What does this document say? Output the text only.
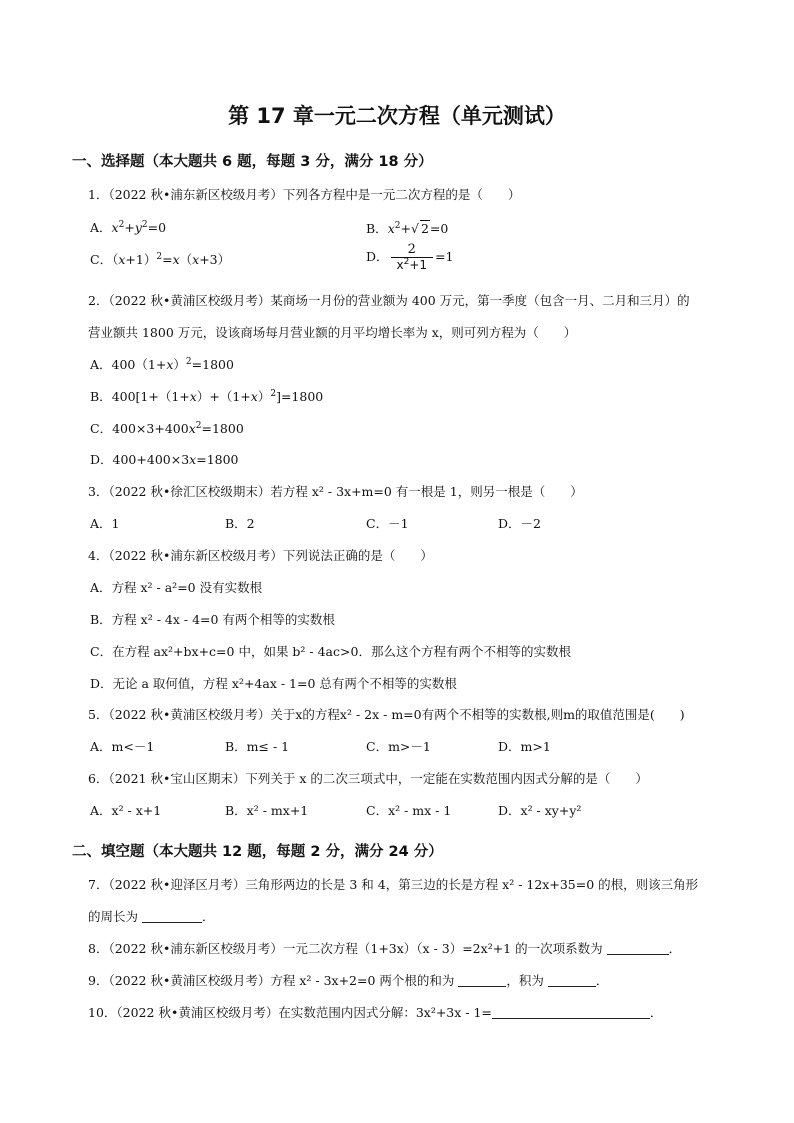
第 17 章一元二次方程（单元测试）
一、选择题（本大题共 6 题，每题 3 分，满分 18 分）
1．（2022 秋•浦东新区校级月考）下列各方程中是一元二次方程的是（　　）
A．$x^2+y^2=0$	B．$x^2+√$ 2=0
C．$(x+1)^2=x(x+3)$	D． $\frac{2}{x^2+1} =1$
2．（2022 秋•黄浦区校级月考）某商场一月份的营业额为 400 万元，第一季度（包含一月、二月和三月）的
营业额共 1800 万元，设该商场每月营业额的月平均增长率为 x，则可列方程为（　　）
A．$400(1+x)^2=1800$
B．$400[1+(1+x)+(1+x)^2]=1800$
C．$400\times 3+400x^2=1800$
D．400+400×3x=1800
3．（2022 秋•徐汇区校级期末）若方程 x² - 3x+m=0 有一根是 1，则另一根是（　　）
A．1	B．2	C．－1	D．－2
4．（2022 秋•浦东新区校级月考）下列说法正确的是（　　）
A．方程 x² - a²=0 没有实数根
B．方程 x² - 4x - 4=0 有两个相等的实数根
C．在方程 ax²+bx+c=0 中，如果 b² - 4ac>0．那么这个方程有两个不相等的实数根
D．无论 a 取何值，方程 x²+4ax - 1=0 总有两个不相等的实数根
5．（2022 秋•黄浦区校级月考）关于x的方程x² - 2x - m=0有两个不相等的实数根,则m的取值范围是(　　)
A．m<－1	B．m≤ - 1	C．m>－1	D．m>1
6．（2021 秋•宝山区期末）下列关于 x 的二次三项式中，一定能在实数范围内因式分解的是（　　）
A．x² - x+1	B．x² - mx+1	C．x² - mx - 1	D．x² - xy+y²
二、填空题（本大题共 12 题，每题 2 分，满分 24 分）
7．（2022 秋•迎泽区月考）三角形两边的长是 3 和 4，第三边的长是方程 x² - 12x+35=0 的根，则该三角形
的周长为	．
8．（2022 秋•浦东新区校级月考）一元二次方程（1+3x）（x - 3）=2x²+1 的一次项系数为	．
9．（2022 秋•黄浦区校级月考）方程 x² - 3x+2=0 两个根的和为	，积为	．
10．（2022 秋•黄浦区校级月考）在实数范围内因式分解：3x²+3x - 1=	．
